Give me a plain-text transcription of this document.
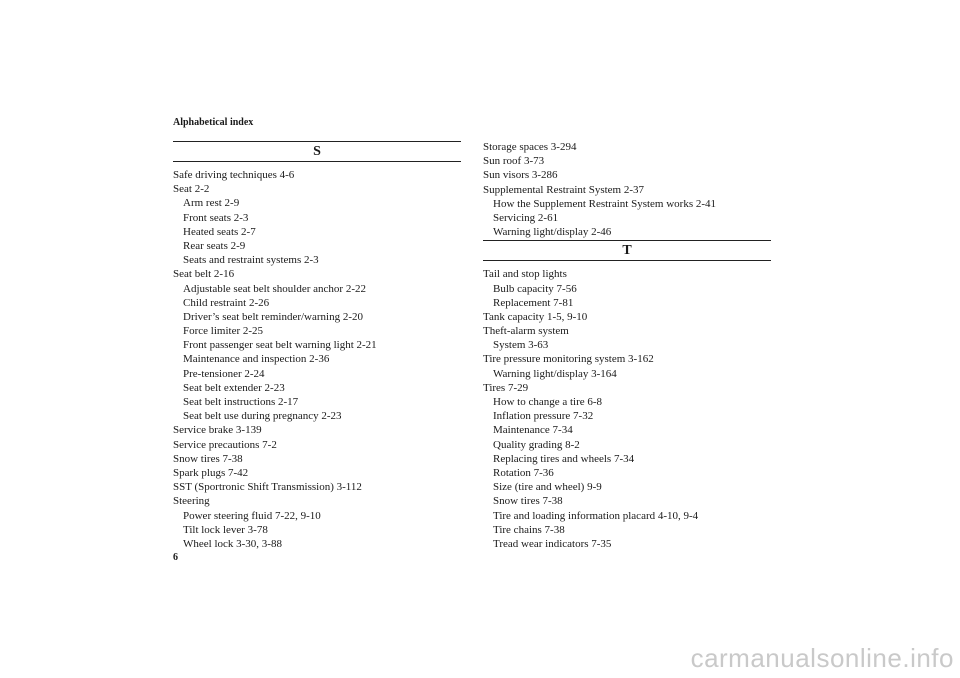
Alphabetical index
S
Safe driving techniques 4-6
Seat 2-2
Arm rest 2-9
Front seats 2-3
Heated seats 2-7
Rear seats 2-9
Seats and restraint systems 2-3
Seat belt 2-16
Adjustable seat belt shoulder anchor 2-22
Child restraint 2-26
Driver’s seat belt reminder/warning 2-20
Force limiter 2-25
Front passenger seat belt warning light 2-21
Maintenance and inspection 2-36
Pre-tensioner 2-24
Seat belt extender 2-23
Seat belt instructions 2-17
Seat belt use during pregnancy 2-23
Service brake 3-139
Service precautions 7-2
Snow tires 7-38
Spark plugs 7-42
SST (Sportronic Shift Transmission) 3-112
Steering
Power steering fluid 7-22, 9-10
Tilt lock lever 3-78
Wheel lock 3-30, 3-88
Storage spaces 3-294
Sun roof 3-73
Sun visors 3-286
Supplemental Restraint System 2-37
How the Supplement Restraint System works 2-41
Servicing 2-61
Warning light/display 2-46
T
Tail and stop lights
Bulb capacity 7-56
Replacement 7-81
Tank capacity 1-5, 9-10
Theft-alarm system
System 3-63
Tire pressure monitoring system 3-162
Warning light/display 3-164
Tires 7-29
How to change a tire 6-8
Inflation pressure 7-32
Maintenance 7-34
Quality grading 8-2
Replacing tires and wheels 7-34
Rotation 7-36
Size (tire and wheel) 9-9
Snow tires 7-38
Tire and loading information placard 4-10, 9-4
Tire chains 7-38
Tread wear indicators 7-35
6
carmanualsonline.info
